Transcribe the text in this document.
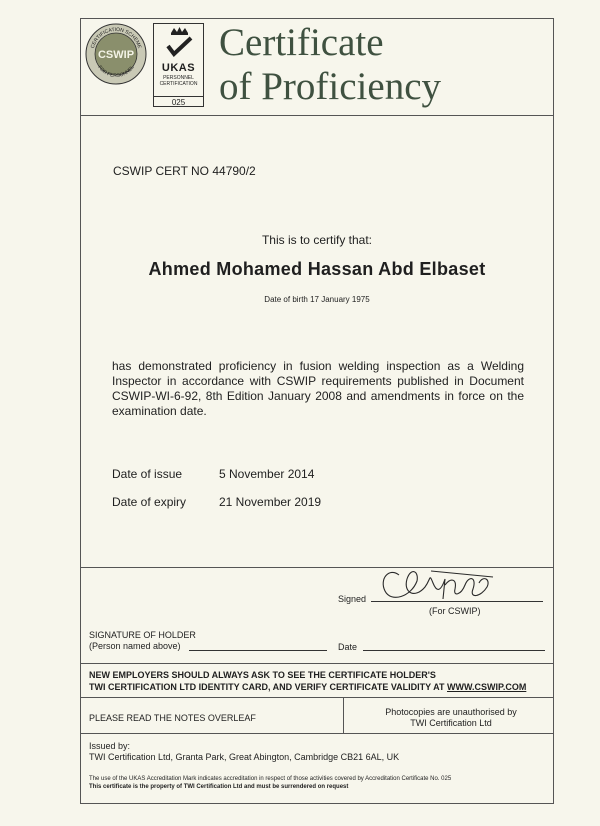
CERTIFICATION SCHEME
FOR PERSONNEL
CSWIP
UKAS
PERSONNEL
CERTIFICATION
025
Certificate
of Proficiency
CSWIP CERT NO 44790/2
This is to certify that:
Ahmed Mohamed Hassan Abd Elbaset
Date of birth 17 January 1975
has demonstrated proficiency in fusion welding inspection as a Welding Inspector in accordance with CSWIP requirements published in Document CSWIP-WI-6-92, 8th Edition January 2008 and amendments in force on the examination date.
Date of issue	5 November 2014
Date of expiry	21 November 2019
Signed
(For CSWIP)
SIGNATURE OF HOLDER
(Person named above)	Date
NEW EMPLOYERS SHOULD ALWAYS ASK TO SEE THE CERTIFICATE HOLDER'S
TWI CERTIFICATION LTD IDENTITY CARD, AND VERIFY CERTIFICATE VALIDITY AT WWW.CSWIP.COM
PLEASE READ THE NOTES OVERLEAF
Photocopies are unauthorised by
TWI Certification Ltd
Issued by:
TWI Certification Ltd, Granta Park, Great Abington, Cambridge CB21 6AL, UK
The use of the UKAS Accreditation Mark indicates accreditation in respect of those activities covered by Accreditation Certificate No. 025
This certificate is the property of TWI Certification Ltd and must be surrendered on request
